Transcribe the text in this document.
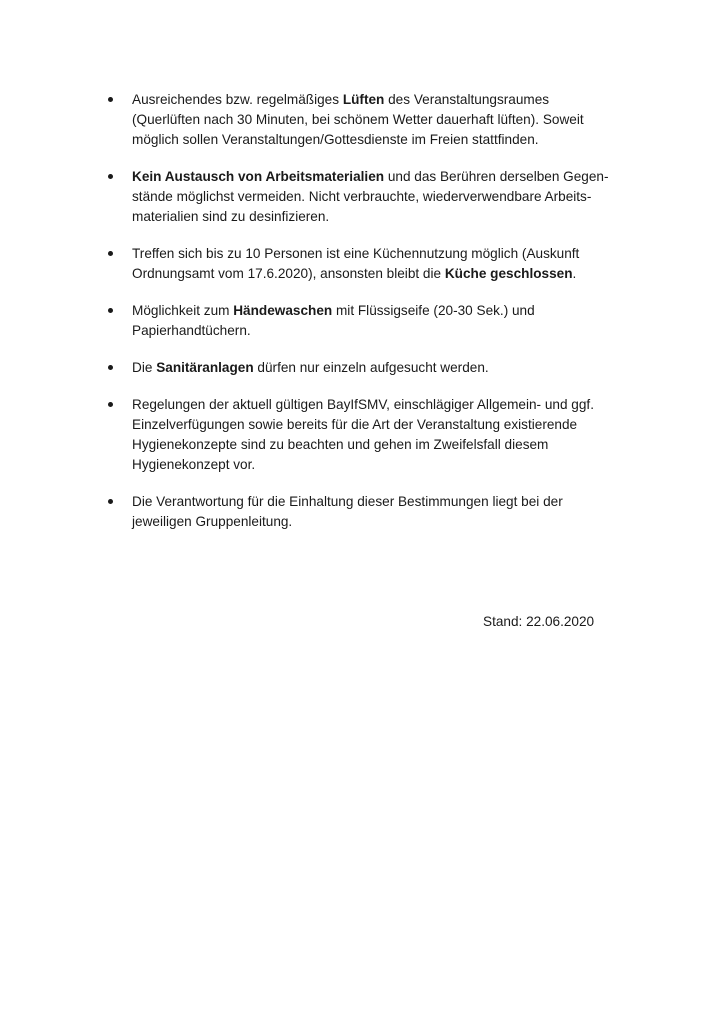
Ausreichendes bzw. regelmäßiges Lüften des Veranstaltungsraumes (Querlüften nach 30 Minuten, bei schönem Wetter dauerhaft lüften). Soweit möglich sollen Veranstaltungen/Gottesdienste im Freien stattfinden.
Kein Austausch von Arbeitsmaterialien und das Berühren derselben Gegen-stände möglichst vermeiden. Nicht verbrauchte, wiederverwendbare Arbeits-materialien sind zu desinfizieren.
Treffen sich bis zu 10 Personen ist eine Küchennutzung möglich (Auskunft Ordnungsamt vom 17.6.2020), ansonsten bleibt die Küche geschlossen.
Möglichkeit zum Händewaschen mit Flüssigseife (20-30 Sek.) und Papierhandtüchern.
Die Sanitäranlagen dürfen nur einzeln aufgesucht werden.
Regelungen der aktuell gültigen BayIfSMV, einschlägiger Allgemein- und ggf. Einzelverfügungen sowie bereits für die Art der Veranstaltung existierende Hygienekonzepte sind zu beachten und gehen im Zweifelsfall diesem Hygienekonzept vor.
Die Verantwortung für die Einhaltung dieser Bestimmungen liegt bei der jeweiligen Gruppenleitung.
Stand: 22.06.2020
